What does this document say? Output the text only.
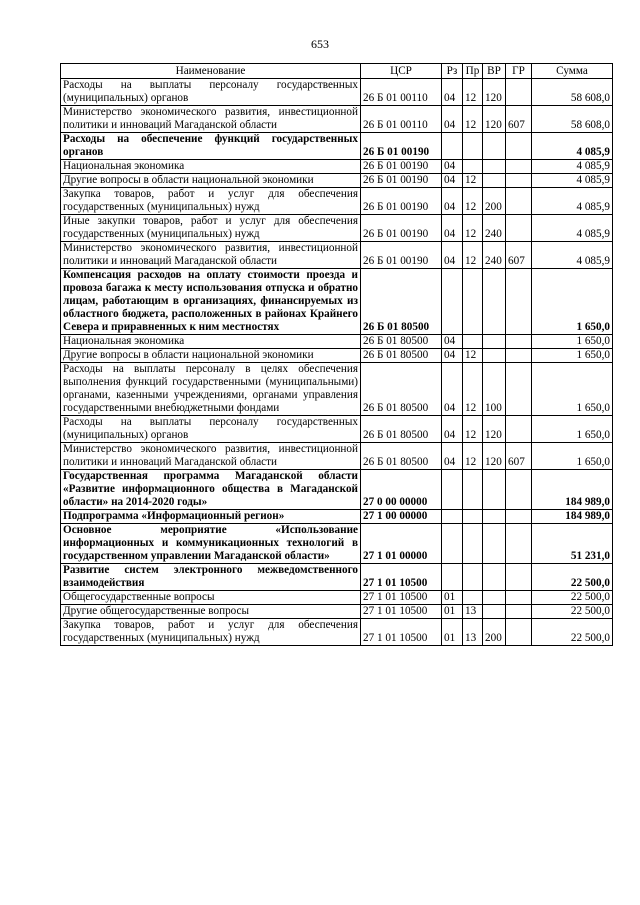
653
Наименование	ЦСР	Рз	Пр	ВР	ГР	Сумма
Расходы на выплаты персоналу государственных (муниципальных) органов	26 Б 01 00110	04	12	120		58 608,0
Министерство экономического развития, инвестиционной политики и инноваций Магаданской области	26 Б 01 00110	04	12	120	607	58 608,0
Расходы на обеспечение функций государственных органов	26 Б 01 00190					4 085,9
Национальная экономика	26 Б 01 00190	04				4 085,9
Другие вопросы в области национальной экономики	26 Б 01 00190	04	12			4 085,9
Закупка товаров, работ и услуг для обеспечения государственных (муниципальных) нужд	26 Б 01 00190	04	12	200		4 085,9
Иные закупки товаров, работ и услуг для обеспечения государственных (муниципальных) нужд	26 Б 01 00190	04	12	240		4 085,9
Министерство экономического развития, инвестиционной политики и инноваций Магаданской области	26 Б 01 00190	04	12	240	607	4 085,9
Компенсация расходов на оплату стоимости проезда и провоза багажа к месту использования отпуска и обратно лицам, работающим в организациях, финансируемых из областного бюджета, расположенных в районах Крайнего Севера и приравненных к ним местностях	26 Б 01 80500					1 650,0
Национальная экономика	26 Б 01 80500	04				1 650,0
Другие вопросы в области национальной экономики	26 Б 01 80500	04	12			1 650,0
Расходы на выплаты персоналу в целях обеспечения выполнения функций государственными (муниципальными) органами, казенными учреждениями, органами управления государственными внебюджетными фондами	26 Б 01 80500	04	12	100		1 650,0
Расходы на выплаты персоналу государственных (муниципальных) органов	26 Б 01 80500	04	12	120		1 650,0
Министерство экономического развития, инвестиционной политики и инноваций Магаданской области	26 Б 01 80500	04	12	120	607	1 650,0
Государственная программа Магаданской области «Развитие информационного общества в Магаданской области» на 2014-2020 годы»	27 0 00 00000					184 989,0
Подпрограмма «Информационный регион»	27 1 00 00000					184 989,0
Основное мероприятие «Использование информационных и коммуникационных технологий в государственном управлении Магаданской области»	27 1 01 00000					51 231,0
Развитие систем электронного межведомственного взаимодействия	27 1 01 10500					22 500,0
Общегосударственные вопросы	27 1 01 10500	01				22 500,0
Другие общегосударственные вопросы	27 1 01 10500	01	13			22 500,0
Закупка товаров, работ и услуг для обеспечения государственных (муниципальных) нужд	27 1 01 10500	01	13	200		22 500,0
